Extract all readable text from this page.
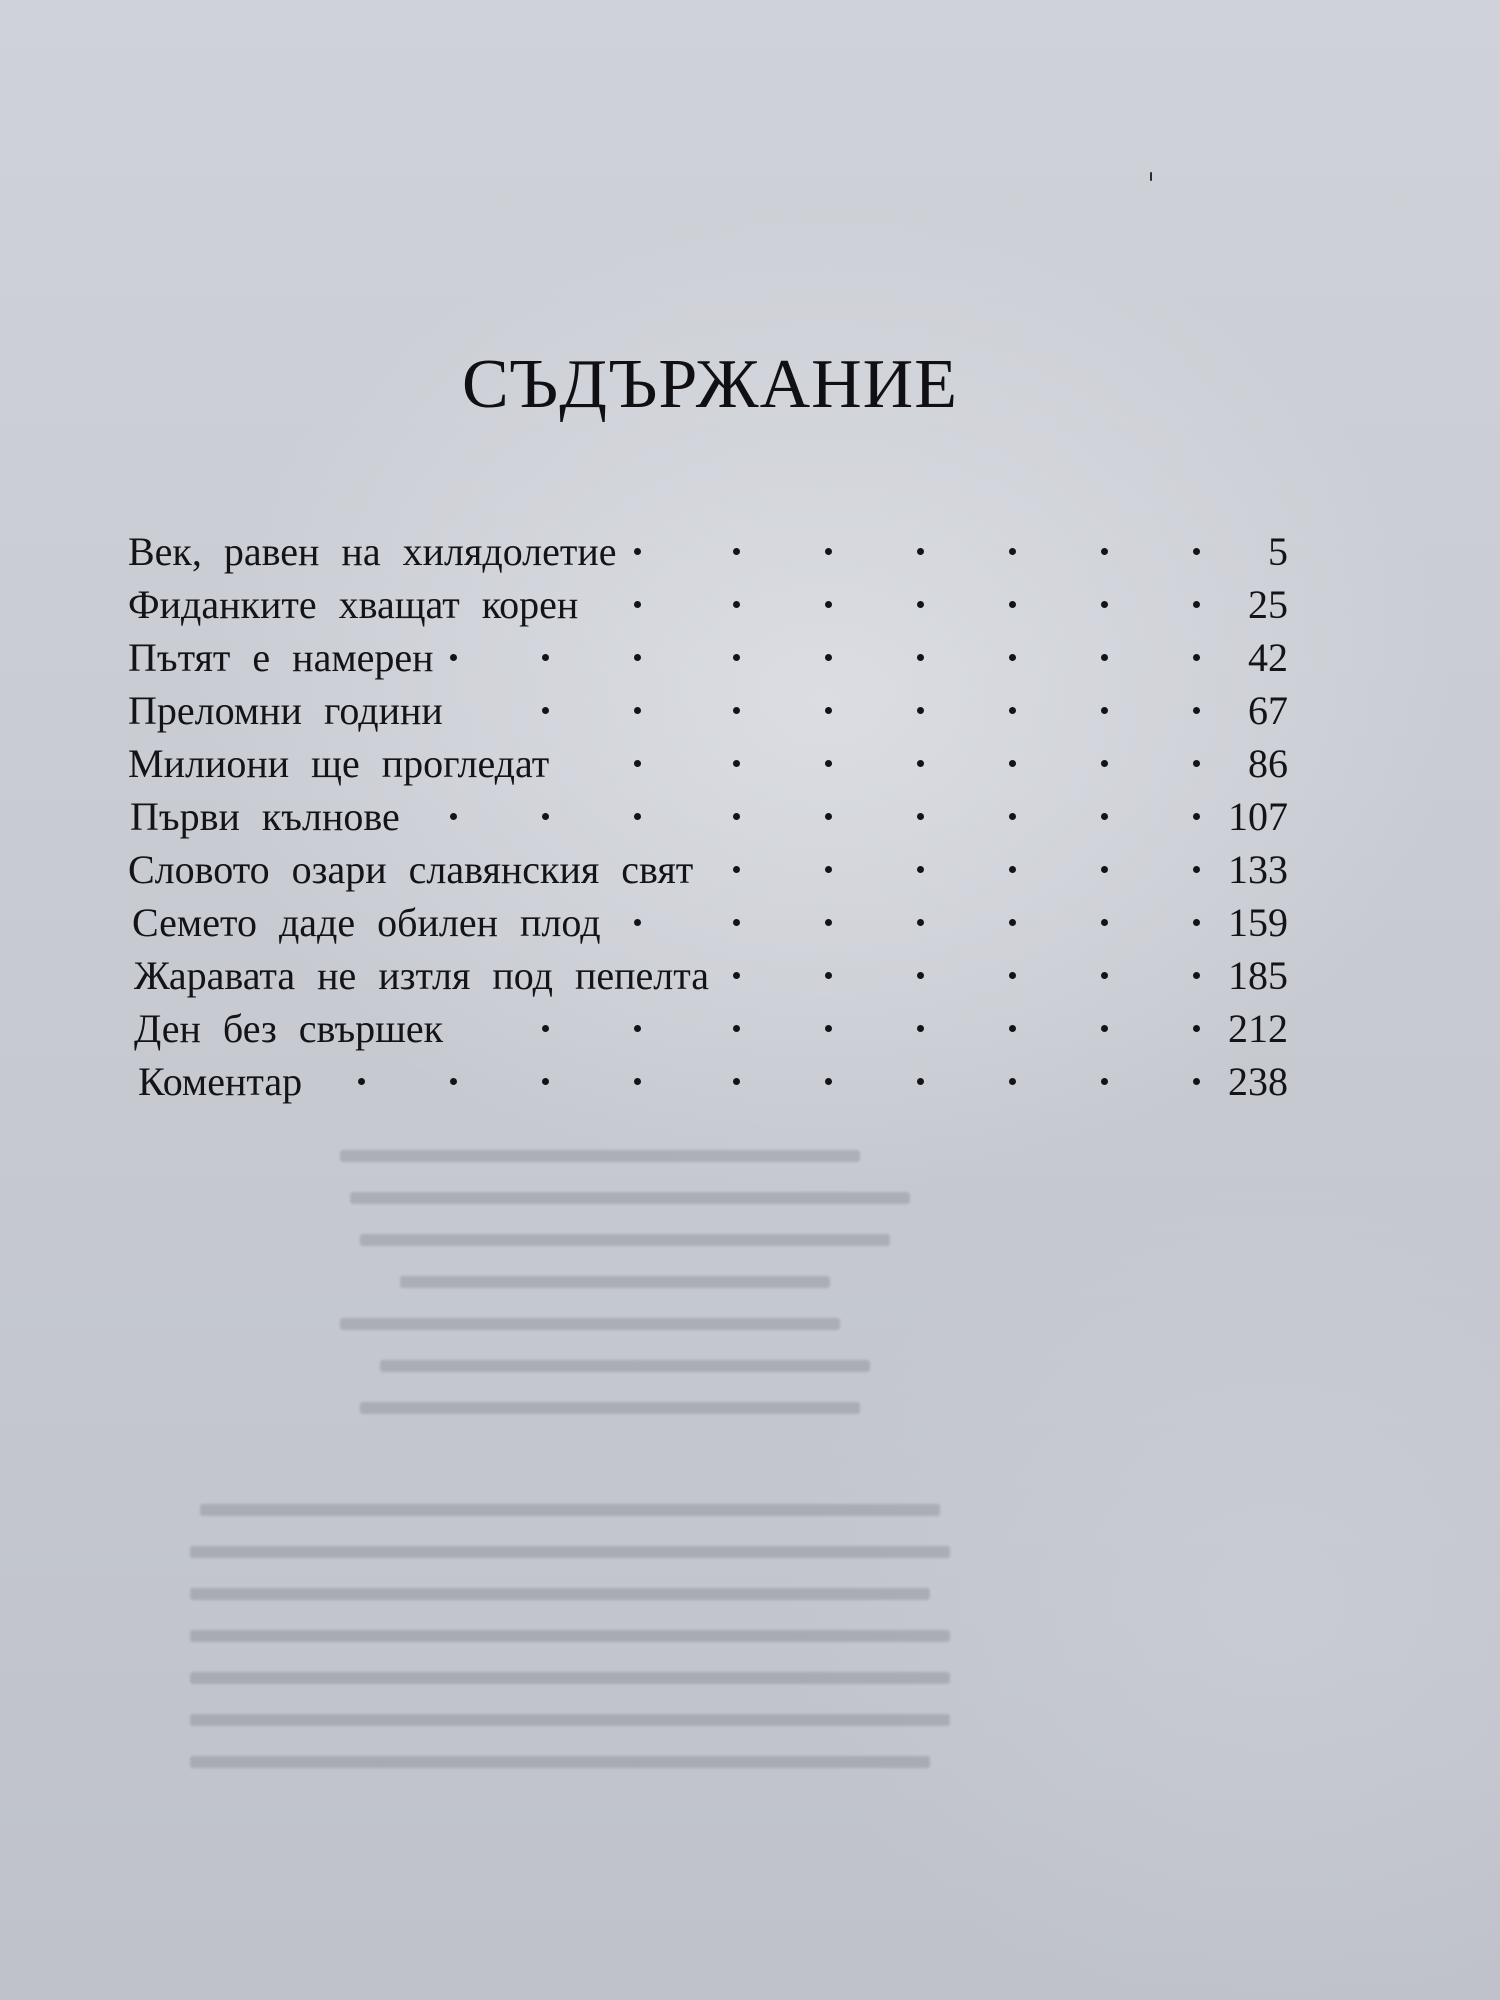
СЪДЪРЖАНИЕ
Век, равен на хилядолетие	5
Фиданките хващат корен	25
Пътят е намерен	42
Преломни години	67
Милиони ще прогледат	86
Първи кълнове	107
Словото озари славянския свят	133
Семето даде обилен плод	159
Жаравата не изтля под пепелта	185
Ден без свършек	212
Коментар	238
